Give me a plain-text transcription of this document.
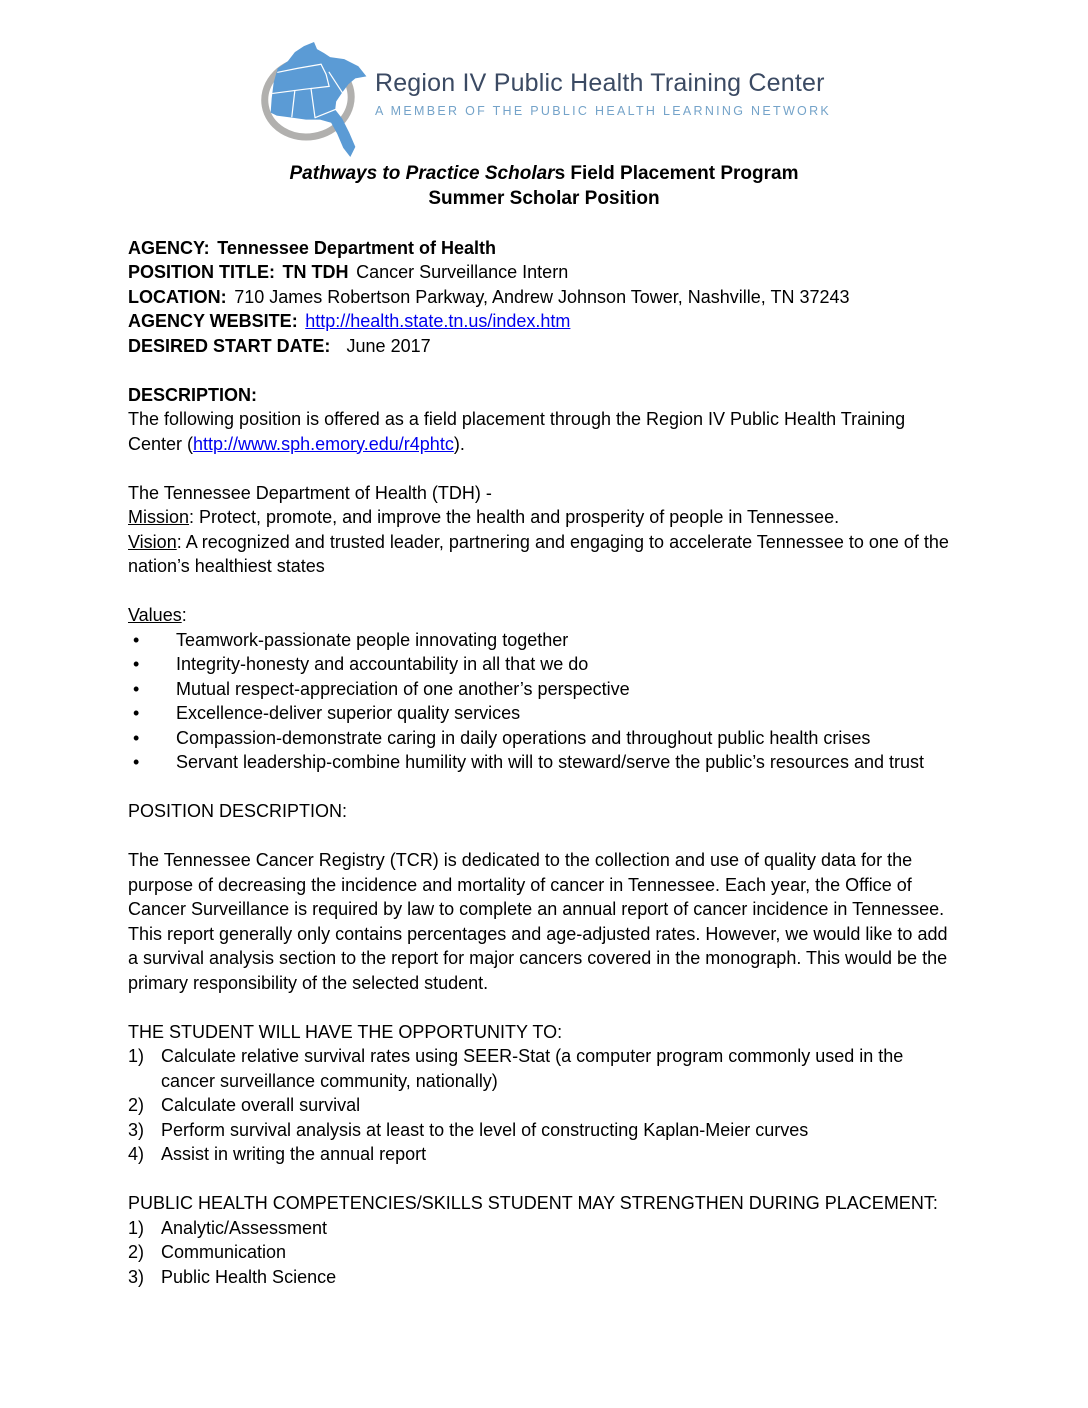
Region IV Public Health Training Center
A MEMBER OF THE PUBLIC HEALTH LEARNING NETWORK

Pathways to Practice Scholars Field Placement Program

Summer Scholar Position

AGENCY: Tennessee Department of Health

POSITION TITLE: TN TDH Cancer Surveillance Intern

LOCATION: 710 James Robertson Parkway, Andrew Johnson Tower, Nashville, TN 37243

AGENCY WEBSITE: http://health.state.tn.us/index.htm

DESIRED START DATE: June 2017

DESCRIPTION:

The following position is offered as a field placement through the Region IV Public Health Training Center (http://www.sph.emory.edu/r4phtc).

The Tennessee Department of Health (TDH) -

Mission: Protect, promote, and improve the health and prosperity of people in Tennessee.

Vision: A recognized and trusted leader, partnering and engaging to accelerate Tennessee to one of the nation’s healthiest states

Values:

• Teamwork-passionate people innovating together
• Integrity-honesty and accountability in all that we do
• Mutual respect-appreciation of one another’s perspective
• Excellence-deliver superior quality services
• Compassion-demonstrate caring in daily operations and throughout public health crises
• Servant leadership-combine humility with will to steward/serve the public’s resources and trust

POSITION DESCRIPTION:

The Tennessee Cancer Registry (TCR) is dedicated to the collection and use of quality data for the purpose of decreasing the incidence and mortality of cancer in Tennessee. Each year, the Office of Cancer Surveillance is required by law to complete an annual report of cancer incidence in Tennessee. This report generally only contains percentages and age-adjusted rates. However, we would like to add a survival analysis section to the report for major cancers covered in the monograph. This would be the primary responsibility of the selected student.

THE STUDENT WILL HAVE THE OPPORTUNITY TO:

1) Calculate relative survival rates using SEER-Stat (a computer program commonly used in the cancer surveillance community, nationally)
2) Calculate overall survival
3) Perform survival analysis at least to the level of constructing Kaplan-Meier curves
4) Assist in writing the annual report

PUBLIC HEALTH COMPETENCIES/SKILLS STUDENT MAY STRENGTHEN DURING PLACEMENT:

1) Analytic/Assessment
2) Communication
3) Public Health Science
